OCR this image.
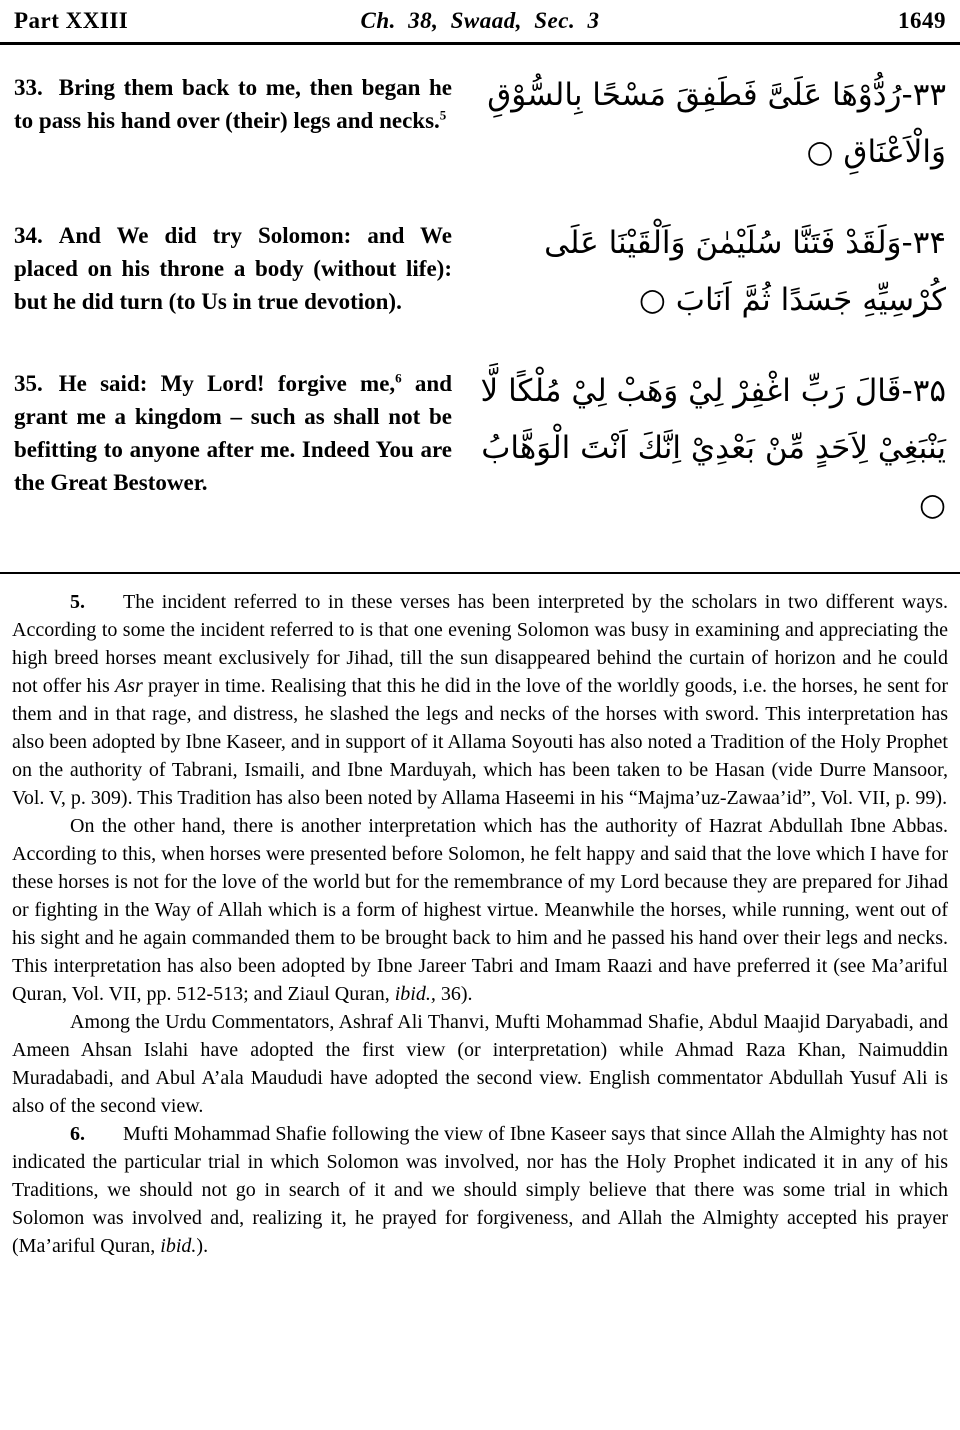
Part XXIII	Ch. 38, Swaad, Sec. 3	1649

33. Bring them back to me, then began he to pass his hand over (their) legs and necks.$^5$

۳۳-رُدُّوْهَا عَلَىَّ فَطَفِقَ مَسْحًا بِالسُّوْقِ وَالْاَعْنَاقِ ○

34. And We did try Solomon: and We placed on his throne a body (without life): but he did turn (to Us in true devotion).

۳۴-وَلَقَدْ فَتَنَّا سُلَيْمٰنَ وَاَلْقَيْنَا عَلَى كُرْسِيِّهِ جَسَدًا ثُمَّ اَنَابَ ○

35. He said: My Lord! forgive me,$^6$ and grant me a kingdom – such as shall not be befitting to anyone after me. Indeed You are the Great Bestower.

۳۵-قَالَ رَبِّ اغْفِرْ لِيْ وَهَبْ لِيْ مُلْكًا لَّا يَنْبَغِيْ لِاَحَدٍ مِّنْ بَعْدِيْ اِنَّكَ اَنْتَ الْوَهَّابُ ○

5. The incident referred to in these verses has been interpreted by the scholars in two different ways. According to some the incident referred to is that one evening Solomon was busy in examining and appreciating the high breed horses meant exclusively for Jihad, till the sun disappeared behind the curtain of horizon and he could not offer his Asr prayer in time. Realising that this he did in the love of the worldly goods, i.e. the horses, he sent for them and in that rage, and distress, he slashed the legs and necks of the horses with sword. This interpretation has also been adopted by Ibne Kaseer, and in support of it Allama Soyouti has also noted a Tradition of the Holy Prophet on the authority of Tabrani, Ismaili, and Ibne Marduyah, which has been taken to be Hasan (vide Durre Mansoor, Vol. V, p. 309). This Tradition has also been noted by Allama Haseemi in his “Majma’uz-Zawaa’id”, Vol. VII, p. 99).

On the other hand, there is another interpretation which has the authority of Hazrat Abdullah Ibne Abbas. According to this, when horses were presented before Solomon, he felt happy and said that the love which I have for these horses is not for the love of the world but for the remembrance of my Lord because they are prepared for Jihad or fighting in the Way of Allah which is a form of highest virtue. Meanwhile the horses, while running, went out of his sight and he again commanded them to be brought back to him and he passed his hand over their legs and necks. This interpretation has also been adopted by Ibne Jareer Tabri and Imam Raazi and have preferred it (see Ma’ariful Quran, Vol. VII, pp. 512-513; and Ziaul Quran, ibid., 36).

Among the Urdu Commentators, Ashraf Ali Thanvi, Mufti Mohammad Shafie, Abdul Maajid Daryabadi, and Ameen Ahsan Islahi have adopted the first view (or interpretation) while Ahmad Raza Khan, Naimuddin Muradabadi, and Abul A’ala Maududi have adopted the second view. English commentator Abdullah Yusuf Ali is also of the second view.

6. Mufti Mohammad Shafie following the view of Ibne Kaseer says that since Allah the Almighty has not indicated the particular trial in which Solomon was involved, nor has the Holy Prophet indicated it in any of his Traditions, we should not go in search of it and we should simply believe that there was some trial in which Solomon was involved and, realizing it, he prayed for forgiveness, and Allah the Almighty accepted his prayer (Ma’ariful Quran, ibid.).
